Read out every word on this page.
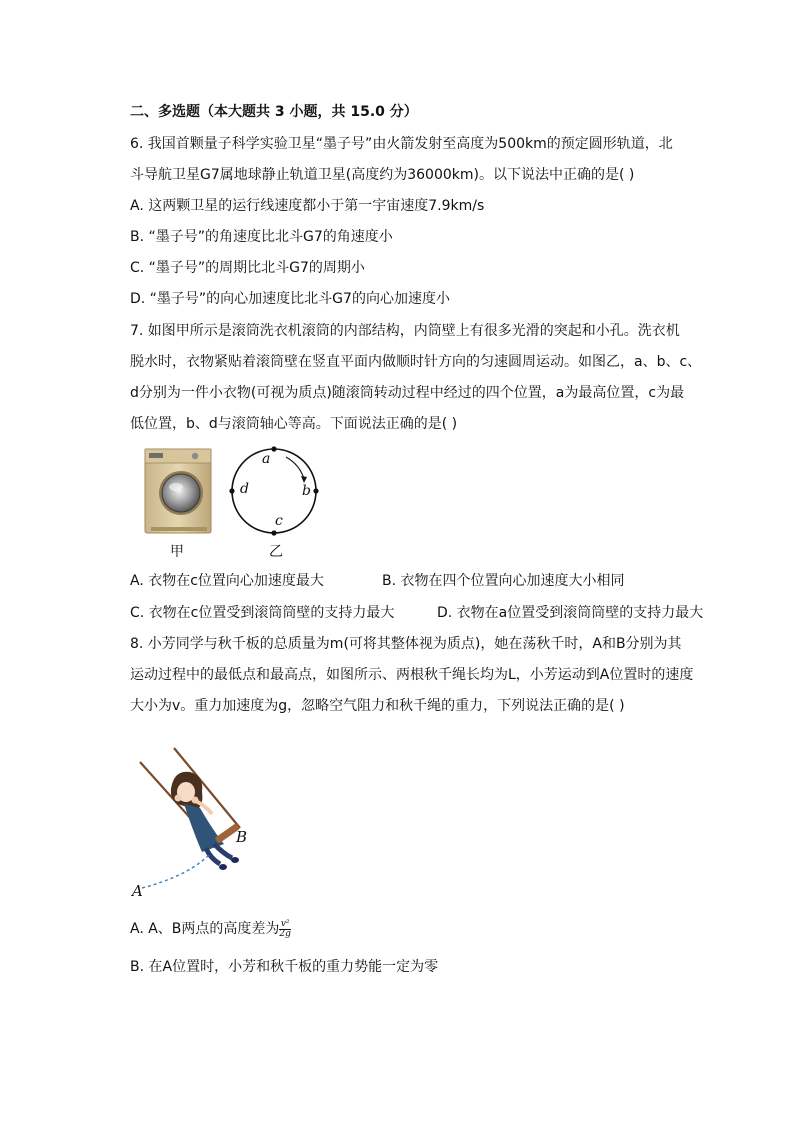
二、多选题（本大题共 3 小题，共 15.0 分）
6. 我国首颗量子科学实验卫星“墨子号”由火箭发射至高度为500km的预定圆形轨道，北
斗导航卫星G7属地球静止轨道卫星(高度约为36000km)。以下说法中正确的是( )
A. 这两颗卫星的运行线速度都小于第一宇宙速度7.9km/s
B. “墨子号”的角速度比北斗G7的角速度小
C. “墨子号”的周期比北斗G7的周期小
D. “墨子号”的向心加速度比北斗G7的向心加速度小
7. 如图甲所示是滚筒洗衣机滚筒的内部结构，内筒壁上有很多光滑的突起和小孔。洗衣机
脱水时，衣物紧贴着滚筒壁在竖直平面内做顺时针方向的匀速圆周运动。如图乙，a、b、c、
d分别为一件小衣物(可视为质点)随滚筒转动过程中经过的四个位置，a为最高位置，c为最
低位置，b、d与滚筒轴心等高。下面说法正确的是( )
a
b
c
d
甲	乙
A. 衣物在c位置向心加速度最大	B. 衣物在四个位置向心加速度大小相同
C. 衣物在c位置受到滚筒筒壁的支持力最大	D. 衣物在a位置受到滚筒筒壁的支持力最大
8. 小芳同学与秋千板的总质量为m(可将其整体视为质点)，她在荡秋千时，A和B分别为其
运动过程中的最低点和最高点，如图所示、两根秋千绳长均为L，小芳运动到A位置时的速度
大小为v。重力加速度为g，忽略空气阻力和秋千绳的重力，下列说法正确的是( )
B
A
A. A、B两点的高度差为 $\frac{\text{v²}}{2g}$
B. 在A位置时，小芳和秋千板的重力势能一定为零
